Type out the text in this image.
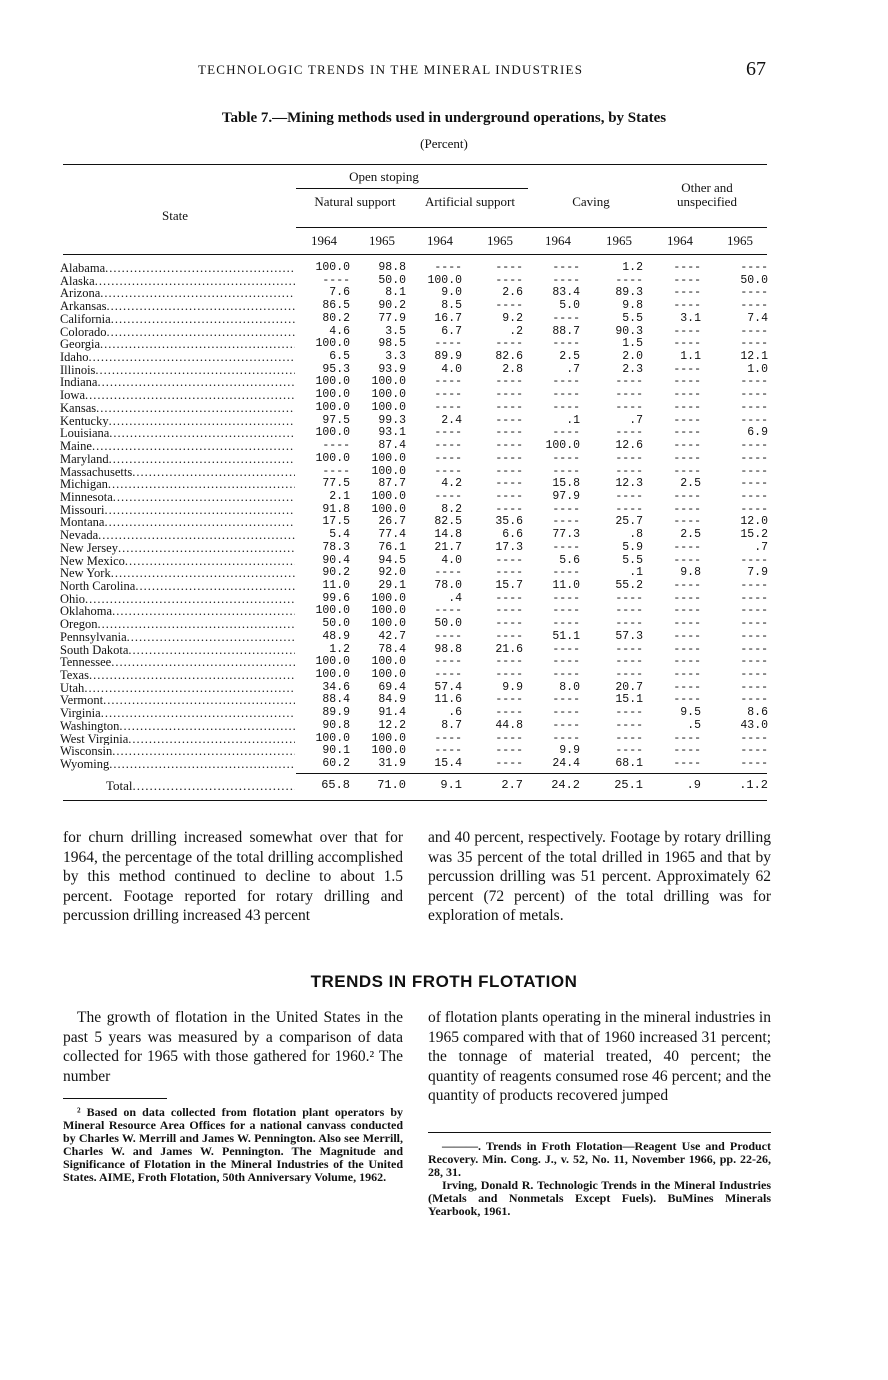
TECHNOLOGIC TRENDS IN THE MINERAL INDUSTRIES	67
Table 7.—Mining methods used in underground operations, by States
(Percent)
Open stoping
Natural support	Artificial support	Caving
Other and unspecified
State
1964	1965	1964	1965	1964	1965	1964	1965
Alabama .....	100.0	98.8	----	----	----	1.2	----	----
Alaska .....	----	50.0	100.0	----	----	----	----	50.0
Arizona .....	7.6	8.1	9.0	2.6	83.4	89.3	----	----
Arkansas .....	86.5	90.2	8.5	----	5.0	9.8	----	----
California .....	80.2	77.9	16.7	9.2	----	5.5	3.1	7.4
Colorado .....	4.6	3.5	6.7	.2	88.7	90.3	----	----
Georgia .....	100.0	98.5	----	----	----	1.5	----	----
Idaho .....	6.5	3.3	89.9	82.6	2.5	2.0	1.1	12.1
Illinois .....	95.3	93.9	4.0	2.8	.7	2.3	----	1.0
Indiana .....	100.0	100.0	----	----	----	----	----	----
Iowa .....	100.0	100.0	----	----	----	----	----	----
Kansas .....	100.0	100.0	----	----	----	----	----	----
Kentucky .....	97.5	99.3	2.4	----	.1	.7	----	----
Louisiana .....	100.0	93.1	----	----	----	----	----	6.9
Maine .....	----	87.4	----	----	100.0	12.6	----	----
Maryland .....	100.0	100.0	----	----	----	----	----	----
Massachusetts .....	----	100.0	----	----	----	----	----	----
Michigan .....	77.5	87.7	4.2	----	15.8	12.3	2.5	----
Minnesota .....	2.1	100.0	----	----	97.9	----	----	----
Missouri .....	91.8	100.0	8.2	----	----	----	----	----
Montana .....	17.5	26.7	82.5	35.6	----	25.7	----	12.0
Nevada .....	5.4	77.4	14.8	6.6	77.3	.8	2.5	15.2
New Jersey .....	78.3	76.1	21.7	17.3	----	5.9	----	.7
New Mexico .....	90.4	94.5	4.0	----	5.6	5.5	----	----
New York .....	90.2	92.0	----	----	----	.1	9.8	7.9
North Carolina .....	11.0	29.1	78.0	15.7	11.0	55.2	----	----
Ohio .....	99.6	100.0	.4	----	----	----	----	----
Oklahoma .....	100.0	100.0	----	----	----	----	----	----
Oregon .....	50.0	100.0	50.0	----	----	----	----	----
Pennsylvania .....	48.9	42.7	----	----	51.1	57.3	----	----
South Dakota .....	1.2	78.4	98.8	21.6	----	----	----	----
Tennessee .....	100.0	100.0	----	----	----	----	----	----
Texas .....	100.0	100.0	----	----	----	----	----	----
Utah .....	34.6	69.4	57.4	9.9	8.0	20.7	----	----
Vermont .....	88.4	84.9	11.6	----	----	15.1	----	----
Virginia .....	89.9	91.4	.6	----	----	----	9.5	8.6
Washington .....	90.8	12.2	8.7	44.8	----	----	.5	43.0
West Virginia .....	100.0	100.0	----	----	----	----	----	----
Wisconsin .....	90.1	100.0	----	----	9.9	----	----	----
Wyoming .....	60.2	31.9	15.4	----	24.4	68.1	----	----
Total .....	65.8	71.0	9.1	2.7	24.2	25.1	.9	.1.2

for churn drilling increased somewhat over that for 1964, the percentage of the total drilling accomplished by this method continued to decline to about 1.5 percent. Footage reported for rotary drilling and percussion drilling increased 43 percent

and 40 percent, respectively. Footage by rotary drilling was 35 percent of the total drilled in 1965 and that by percussion drilling was 51 percent. Approximately 62 percent (72 percent) of the total drilling was for exploration of metals.

TRENDS IN FROTH FLOTATION

The growth of flotation in the United States in the past 5 years was measured by a comparison of data collected for 1965 with those gathered for 1960.² The number

of flotation plants operating in the mineral industries in 1965 compared with that of 1960 increased 31 percent; the tonnage of material treated, 40 percent; the quantity of reagents consumed rose 46 percent; and the quantity of products recovered jumped

² Based on data collected from flotation plant operators by Mineral Resource Area Offices for a national canvass conducted by Charles W. Merrill and James W. Pennington. Also see Merrill, Charles W. and James W. Pennington. The Magnitude and Significance of Flotation in the Mineral Industries of the United States. AIME, Froth Flotation, 50th Anniversary Volume, 1962.

———. Trends in Froth Flotation—Reagent Use and Product Recovery. Min. Cong. J., v. 52, No. 11, November 1966, pp. 22-26, 28, 31.

Irving, Donald R. Technologic Trends in the Mineral Industries (Metals and Nonmetals Except Fuels). BuMines Minerals Yearbook, 1961.
